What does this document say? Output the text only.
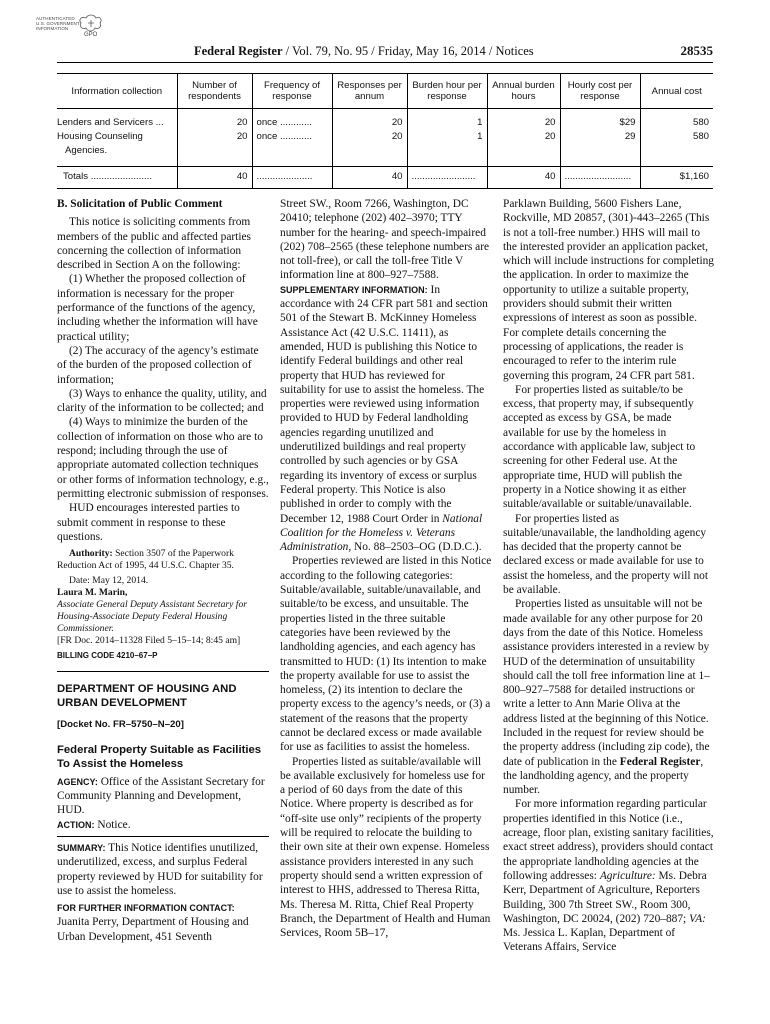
AUTHENTICATED U.S. GOVERNMENT INFORMATION
GPO
Federal Register / Vol. 79, No. 95 / Friday, May 16, 2014 / Notices	28535
Information collection	Number of respondents	Frequency of response	Responses per annum	Burden hour per response	Annual burden hours	Hourly cost per response	Annual cost
Lenders and Servicers ...	20	once ............	20	1	20	$29	580
Housing Counseling	20	once ............	20	1	20	29	580
Agencies.							
Totals .......................	40	.....................	40	........................	40	.........................	$1,160

B. Solicitation of Public Comment

This notice is soliciting comments from members of the public and affected parties concerning the collection of information described in Section A on the following:

(1) Whether the proposed collection of information is necessary for the proper performance of the functions of the agency, including whether the information will have practical utility;

(2) The accuracy of the agency’s estimate of the burden of the proposed collection of information;

(3) Ways to enhance the quality, utility, and clarity of the information to be collected; and

(4) Ways to minimize the burden of the collection of information on those who are to respond; including through the use of appropriate automated collection techniques or other forms of information technology, e.g., permitting electronic submission of responses.

HUD encourages interested parties to submit comment in response to these questions.

Authority: Section 3507 of the Paperwork Reduction Act of 1995, 44 U.S.C. Chapter 35.

Date: May 12, 2014.

Laura M. Marin,

Associate General Deputy Assistant Secretary for Housing-Associate Deputy Federal Housing Commissioner.

[FR Doc. 2014–11328 Filed 5–15–14; 8:45 am]

BILLING CODE 4210–67–P

DEPARTMENT OF HOUSING AND URBAN DEVELOPMENT

[Docket No. FR–5750–N–20]

Federal Property Suitable as Facilities To Assist the Homeless

AGENCY: Office of the Assistant Secretary for Community Planning and Development, HUD.

ACTION: Notice.

SUMMARY: This Notice identifies unutilized, underutilized, excess, and surplus Federal property reviewed by HUD for suitability for use to assist the homeless.

FOR FURTHER INFORMATION CONTACT:

Juanita Perry, Department of Housing and Urban Development, 451 Seventh

Street SW., Room 7266, Washington, DC 20410; telephone (202) 402–3970; TTY number for the hearing- and speech-impaired (202) 708–2565 (these telephone numbers are not toll-free), or call the toll-free Title V information line at 800–927–7588.

SUPPLEMENTARY INFORMATION: In accordance with 24 CFR part 581 and section 501 of the Stewart B. McKinney Homeless Assistance Act (42 U.S.C. 11411), as amended, HUD is publishing this Notice to identify Federal buildings and other real property that HUD has reviewed for suitability for use to assist the homeless. The properties were reviewed using information provided to HUD by Federal landholding agencies regarding unutilized and underutilized buildings and real property controlled by such agencies or by GSA regarding its inventory of excess or surplus Federal property. This Notice is also published in order to comply with the December 12, 1988 Court Order in National Coalition for the Homeless v. Veterans Administration, No. 88–2503–OG (D.D.C.).

Properties reviewed are listed in this Notice according to the following categories: Suitable/available, suitable/unavailable, and suitable/to be excess, and unsuitable. The properties listed in the three suitable categories have been reviewed by the landholding agencies, and each agency has transmitted to HUD: (1) Its intention to make the property available for use to assist the homeless, (2) its intention to declare the property excess to the agency’s needs, or (3) a statement of the reasons that the property cannot be declared excess or made available for use as facilities to assist the homeless.

Properties listed as suitable/available will be available exclusively for homeless use for a period of 60 days from the date of this Notice. Where property is described as for “off-site use only” recipients of the property will be required to relocate the building to their own site at their own expense. Homeless assistance providers interested in any such property should send a written expression of interest to HHS, addressed to Theresa Ritta, Ms. Theresa M. Ritta, Chief Real Property Branch, the Department of Health and Human Services, Room 5B–17,

Parklawn Building, 5600 Fishers Lane, Rockville, MD 20857, (301)-443–2265 (This is not a toll-free number.) HHS will mail to the interested provider an application packet, which will include instructions for completing the application. In order to maximize the opportunity to utilize a suitable property, providers should submit their written expressions of interest as soon as possible. For complete details concerning the processing of applications, the reader is encouraged to refer to the interim rule governing this program, 24 CFR part 581.

For properties listed as suitable/to be excess, that property may, if subsequently accepted as excess by GSA, be made available for use by the homeless in accordance with applicable law, subject to screening for other Federal use. At the appropriate time, HUD will publish the property in a Notice showing it as either suitable/available or suitable/unavailable.

For properties listed as suitable/unavailable, the landholding agency has decided that the property cannot be declared excess or made available for use to assist the homeless, and the property will not be available.

Properties listed as unsuitable will not be made available for any other purpose for 20 days from the date of this Notice. Homeless assistance providers interested in a review by HUD of the determination of unsuitability should call the toll free information line at 1–800–927–7588 for detailed instructions or write a letter to Ann Marie Oliva at the address listed at the beginning of this Notice. Included in the request for review should be the property address (including zip code), the date of publication in the Federal Register, the landholding agency, and the property number.

For more information regarding particular properties identified in this Notice (i.e., acreage, floor plan, existing sanitary facilities, exact street address), providers should contact the appropriate landholding agencies at the following addresses: Agriculture: Ms. Debra Kerr, Department of Agriculture, Reporters Building, 300 7th Street SW., Room 300, Washington, DC 20024, (202) 720–887; VA: Ms. Jessica L. Kaplan, Department of Veterans Affairs, Service
